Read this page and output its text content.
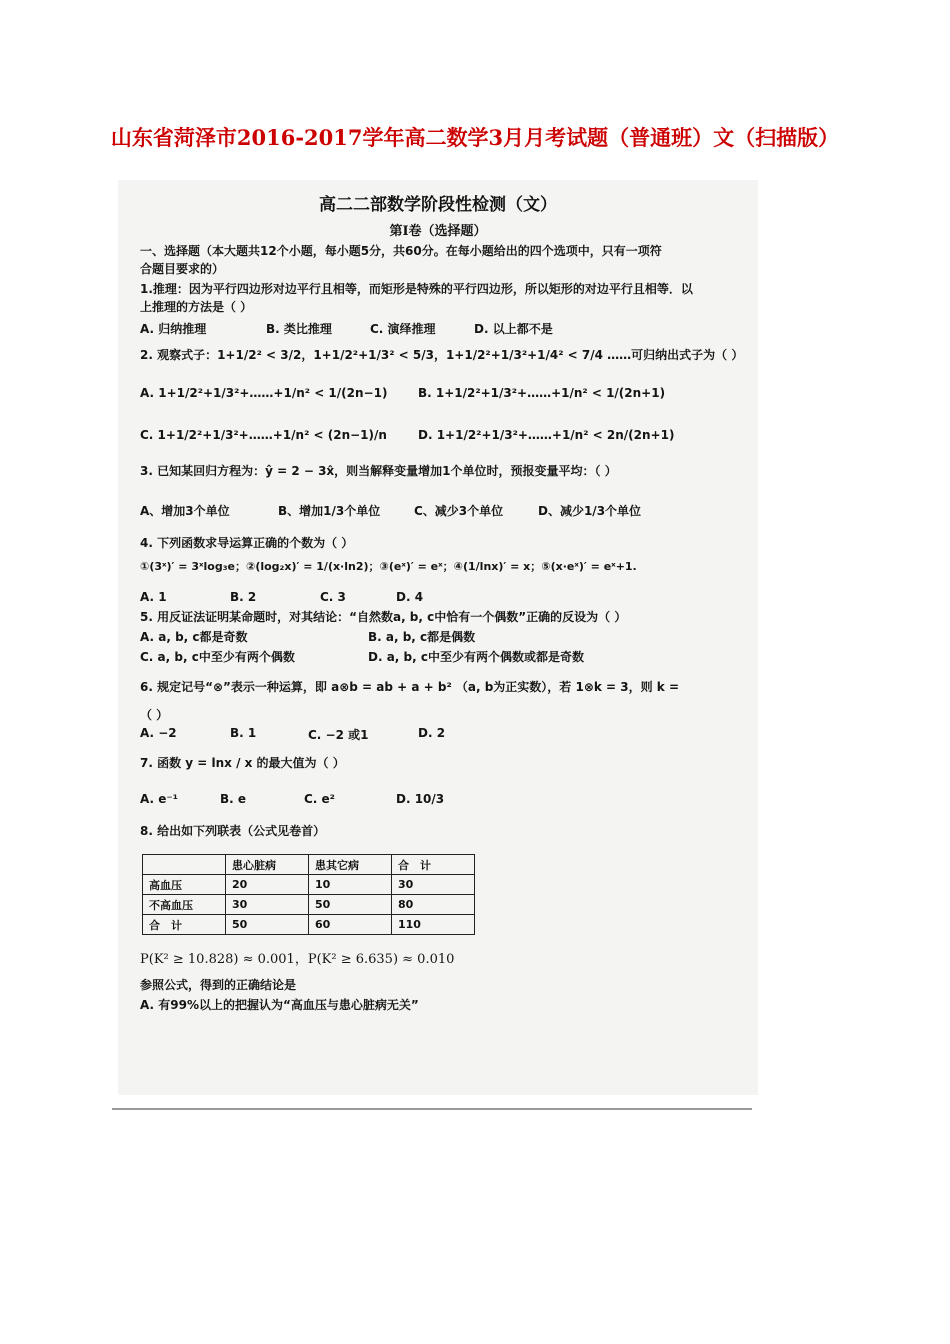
山东省菏泽市2016-2017学年高二数学3月月考试题（普通班）文（扫描版）
高二二部数学阶段性检测（文）
第Ⅰ卷（选择题）
一、选择题（本大题共12个小题，每小题5分，共60分。在每小题给出的四个选项中，只有一项符
合题目要求的）
1.推理：因为平行四边形对边平行且相等，而矩形是特殊的平行四边形，所以矩形的对边平行且相等．以
上推理的方法是（ ）
A. 归纳推理	B. 类比推理	C. 演绎推理	D. 以上都不是
2. 观察式子：1+1/2² < 3/2，1+1/2²+1/3² < 5/3，1+1/2²+1/3²+1/4² < 7/4 ……可归纳出式子为（ ）
A. 1+1/2²+1/3²+……+1/n² < 1/(2n−1)	B. 1+1/2²+1/3²+……+1/n² < 1/(2n+1)
C. 1+1/2²+1/3²+……+1/n² < (2n−1)/n	D. 1+1/2²+1/3²+……+1/n² < 2n/(2n+1)
3. 已知某回归方程为：ŷ = 2 − 3x̂，则当解释变量增加1个单位时，预报变量平均：（ ）
A、增加3个单位	B、增加1/3个单位	C、减少3个单位	D、减少1/3个单位
4. 下列函数求导运算正确的个数为（ ）
①(3ˣ)′ = 3ˣlog₃e；②(log₂x)′ = 1/(x·ln2)；③(eˣ)′ = eˣ；④(1/lnx)′ = x；⑤(x·eˣ)′ = eˣ+1.
A. 1	B. 2	C. 3	D. 4
5. 用反证法证明某命题时，对其结论：“自然数a, b, c中恰有一个偶数”正确的反设为（ ）
A. a, b, c都是奇数	B. a, b, c都是偶数
C. a, b, c中至少有两个偶数	D. a, b, c中至少有两个偶数或都是奇数
6. 规定记号“⊗”表示一种运算，即 a⊗b = ab + a + b² （a, b为正实数），若 1⊗k = 3，则 k =
（ ）
A. −2	B. 1	C. −2 或1	D. 2
7. 函数 y = lnx / x 的最大值为（ ）
A. e⁻¹	B. e	C. e²	D. 10/3
8. 给出如下列联表（公式见卷首）
	患心脏病	患其它病	合　计
高血压	20	10	30
不高血压	30	50	80
合　计	50	60	110
P(K² ≥ 10.828) ≈ 0.001，P(K² ≥ 6.635) ≈ 0.010
参照公式，得到的正确结论是
A. 有99%以上的把握认为“高血压与患心脏病无关”
